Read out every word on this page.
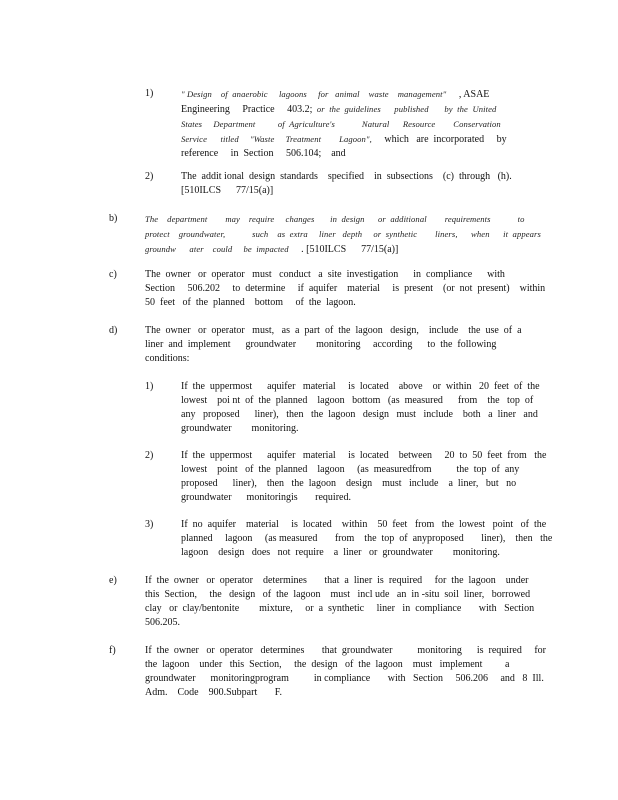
1)	" Design    of  anaerobic     lagoons     for   animal    waste    management"     , ASAE
Engineering     Practice     403.2;  or  the  guidelines      published       by  the  United
States     Department          of  Agriculture's            Natural      Resource        Conservation
Service      titled     "Waste     Treatment        Lagoon",     which   are  incorporated     by
reference     in  Section     506.104;    and
2)	The  addit ional  design  standards    specified    in  subsections    (c)  through   (h).
[510ILCS      77/15(a)]
b)	The    department        may    require     changes       in  design      or  additional        requirements            to
protect    groundwater,            such    as  extra     liner   depth     or  synthetic        liners,      when      it  appears
groundw      ater    could     be  impacted     . [510ILCS      77/15(a)]
c)	The  owner   or  operator   must   conduct   a  site  investigation      in  compliance      with
Section     506.202     to  determine     if  aquifer    material     is  present    (or  not  present)    within
50  feet   of  the  planned    bottom     of  the  lagoon.
d)	The  owner   or  operator   must,   as  a  part  of  the  lagoon   design,    include    the  use  of  a
liner  and  implement      groundwater        monitoring     according      to  the  following
conditions:
1)	If  the  uppermost      aquifer   material     is  located    above    or  within   20  feet  of  the
lowest    poi nt  of  the  planned    lagoon   bottom   (as  measured      from    the   top  of
any   proposed      liner),   then   the  lagoon   design   must   include    both   a  liner   and
groundwater        monitoring.
2)	If  the  uppermost      aquifer   material     is  located    between     20  to  50  feet  from   the
lowest    point   of  the  planned    lagoon     (as  measuredfrom          the  top  of  any
proposed      liner),    then   the  lagoon    design    must   include    a  liner,   but   no
groundwater      monitoringis       required.
3)	If  no  aquifer    material     is  located    within    50  feet   from   the  lowest   point   of  the
planned     lagoon     (as measured       from    the  top  of  anyproposed       liner),    then   the
lagoon    design   does   not  require    a  liner   or  groundwater        monitoring.
e)	If  the  owner   or  operator    determines       that  a  liner  is  required     for  the  lagoon    under
this  Section,     the   design   of  the  lagoon    must   incl ude   an  in -situ  soil  liner,   borrowed
clay   or  clay/bentonite        mixture,     or  a  synthetic     liner   in  compliance       with   Section
506.205.
f)	If  the  owner   or  operator   determines       that  groundwater          monitoring      is  required     for
the  lagoon    under   this  Section,     the  design   of  the  lagoon    must   implement         a
groundwater      monitoringprogram          in compliance       with   Section     506.206     and   8  Ill.
Adm.    Code    900.Subpart       F.
